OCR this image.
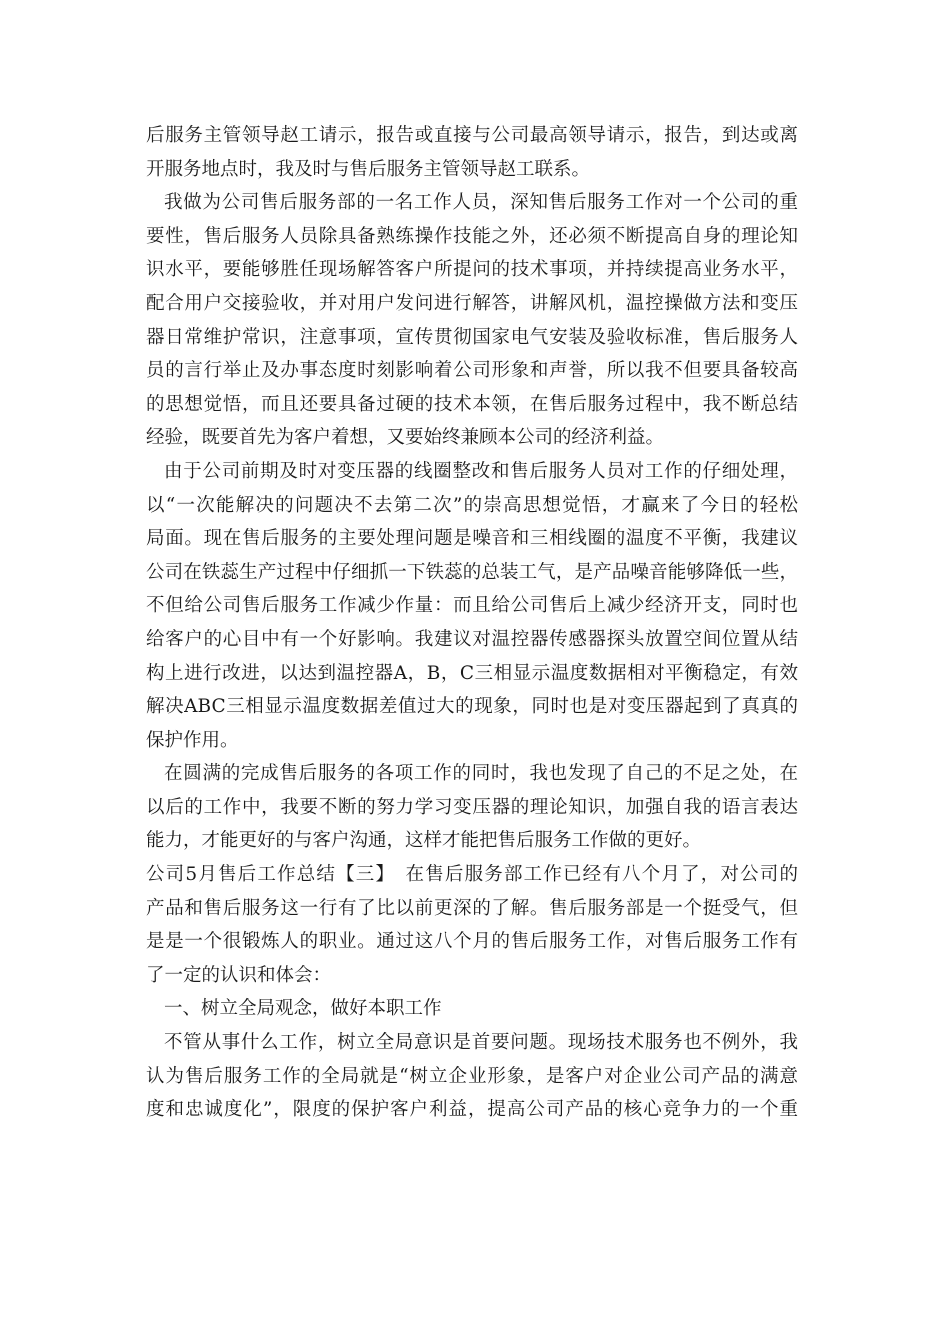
后服务主管领导赵工请示，报告或直接与公司最高领导请示，报告，到达或离
开服务地点时，我及时与售后服务主管领导赵工联系。
我做为公司售后服务部的一名工作人员，深知售后服务工作对一个公司的重
要性，售后服务人员除具备熟练操作技能之外，还必须不断提高自身的理论知
识水平，要能够胜任现场解答客户所提问的技术事项，并持续提高业务水平，
配合用户交接验收，并对用户发问进行解答，讲解风机，温控操做方法和变压
器日常维护常识，注意事项，宣传贯彻国家电气安装及验收标准，售后服务人
员的言行举止及办事态度时刻影响着公司形象和声誉，所以我不但要具备较高
的思想觉悟，而且还要具备过硬的技术本领，在售后服务过程中，我不断总结
经验，既要首先为客户着想，又要始终兼顾本公司的经济利益。
由于公司前期及时对变压器的线圈整改和售后服务人员对工作的仔细处理，
以“一次能解决的问题决不去第二次”的崇高思想觉悟，才赢来了今日的轻松
局面。现在售后服务的主要处理问题是噪音和三相线圈的温度不平衡，我建议
公司在铁蕊生产过程中仔细抓一下铁蕊的总装工气，是产品噪音能够降低一些，
不但给公司售后服务工作减少作量：而且给公司售后上减少经济开支，同时也
给客户的心目中有一个好影响。我建议对温控器传感器探头放置空间位置从结
构上进行改进，以达到温控器A，B，C三相显示温度数据相对平衡稳定，有效
解决ABC三相显示温度数据差值过大的现象，同时也是对变压器起到了真真的
保护作用。
在圆满的完成售后服务的各项工作的同时，我也发现了自己的不足之处，在
以后的工作中，我要不断的努力学习变压器的理论知识，加强自我的语言表达
能力，才能更好的与客户沟通，这样才能把售后服务工作做的更好。
公司5月售后工作总结【三】　在售后服务部工作已经有八个月了，对公司的
产品和售后服务这一行有了比以前更深的了解。售后服务部是一个挺受气，但
是是一个很锻炼人的职业。通过这八个月的售后服务工作，对售后服务工作有
了一定的认识和体会：
一、树立全局观念，做好本职工作
不管从事什么工作，树立全局意识是首要问题。现场技术服务也不例外，我
认为售后服务工作的全局就是“树立企业形象，是客户对企业公司产品的满意
度和忠诚度化”，限度的保护客户利益，提高公司产品的核心竞争力的一个重
